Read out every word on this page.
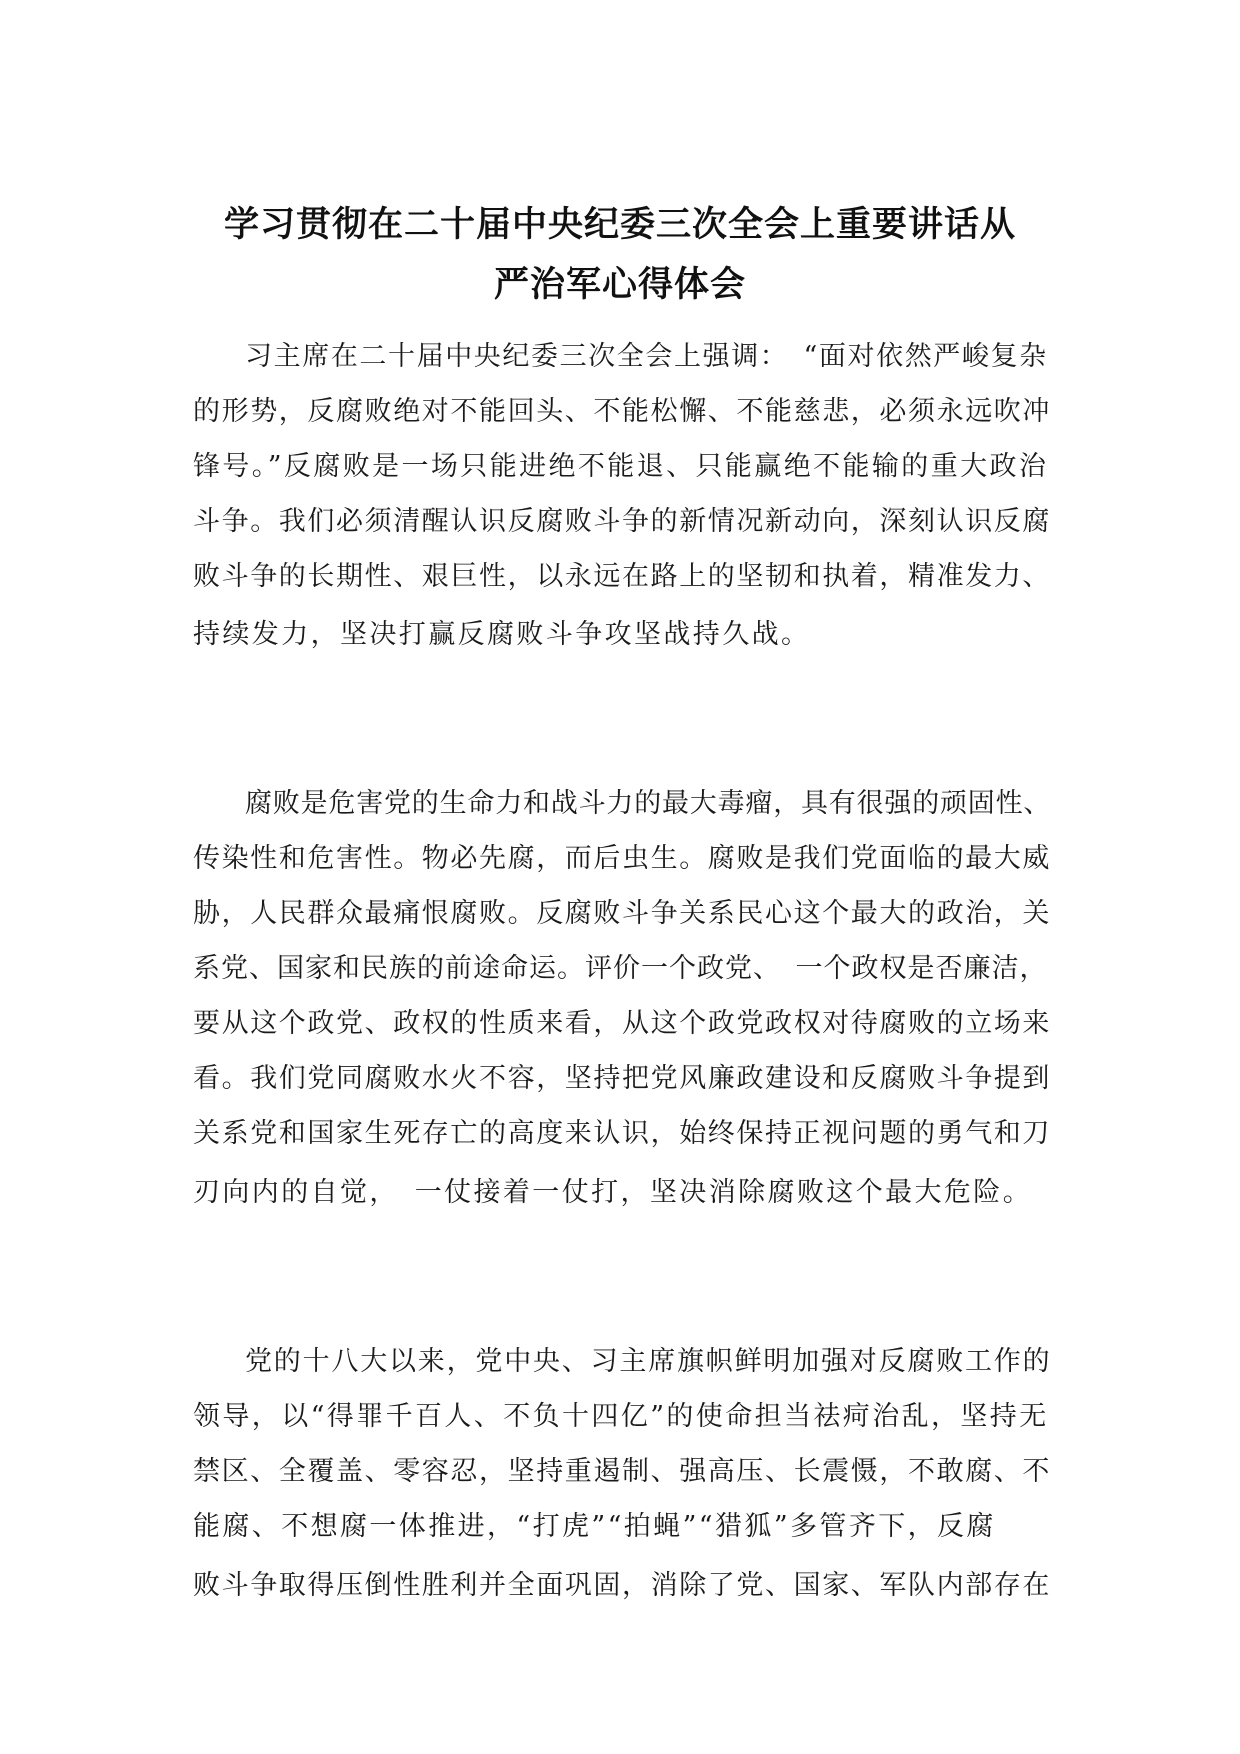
学习贯彻在二十届中央纪委三次全会上重要讲话从
严治军心得体会
习主席在二十届中央纪委三次全会上强调：　“面对依然严峻复杂
的形势，反腐败绝对不能回头、不能松懈、不能慈悲，必须永远吹冲
锋号。”反腐败是一场只能进绝不能退、只能赢绝不能输的重大政治
斗争。我们必须清醒认识反腐败斗争的新情况新动向，深刻认识反腐
败斗争的长期性、艰巨性，以永远在路上的坚韧和执着，精准发力、
持续发力，坚决打赢反腐败斗争攻坚战持久战。
腐败是危害党的生命力和战斗力的最大毒瘤，具有很强的顽固性、
传染性和危害性。物必先腐，而后虫生。腐败是我们党面临的最大威
胁，人民群众最痛恨腐败。反腐败斗争关系民心这个最大的政治，关
系党、国家和民族的前途命运。评价一个政党、　一个政权是否廉洁，
要从这个政党、政权的性质来看，从这个政党政权对待腐败的立场来
看。我们党同腐败水火不容，坚持把党风廉政建设和反腐败斗争提到
关系党和国家生死存亡的高度来认识，始终保持正视问题的勇气和刀
刃向内的自觉，　一仗接着一仗打，坚决消除腐败这个最大危险。
党的十八大以来，党中央、习主席旗帜鲜明加强对反腐败工作的
领导，以“得罪千百人、不负十四亿”的使命担当祛疴治乱，坚持无
禁区、全覆盖、零容忍，坚持重遏制、强高压、长震慑，不敢腐、不
能腐、不想腐一体推进，“打虎”“拍蝇”“猎狐”多管齐下，反腐
败斗争取得压倒性胜利并全面巩固，消除了党、国家、军队内部存在
